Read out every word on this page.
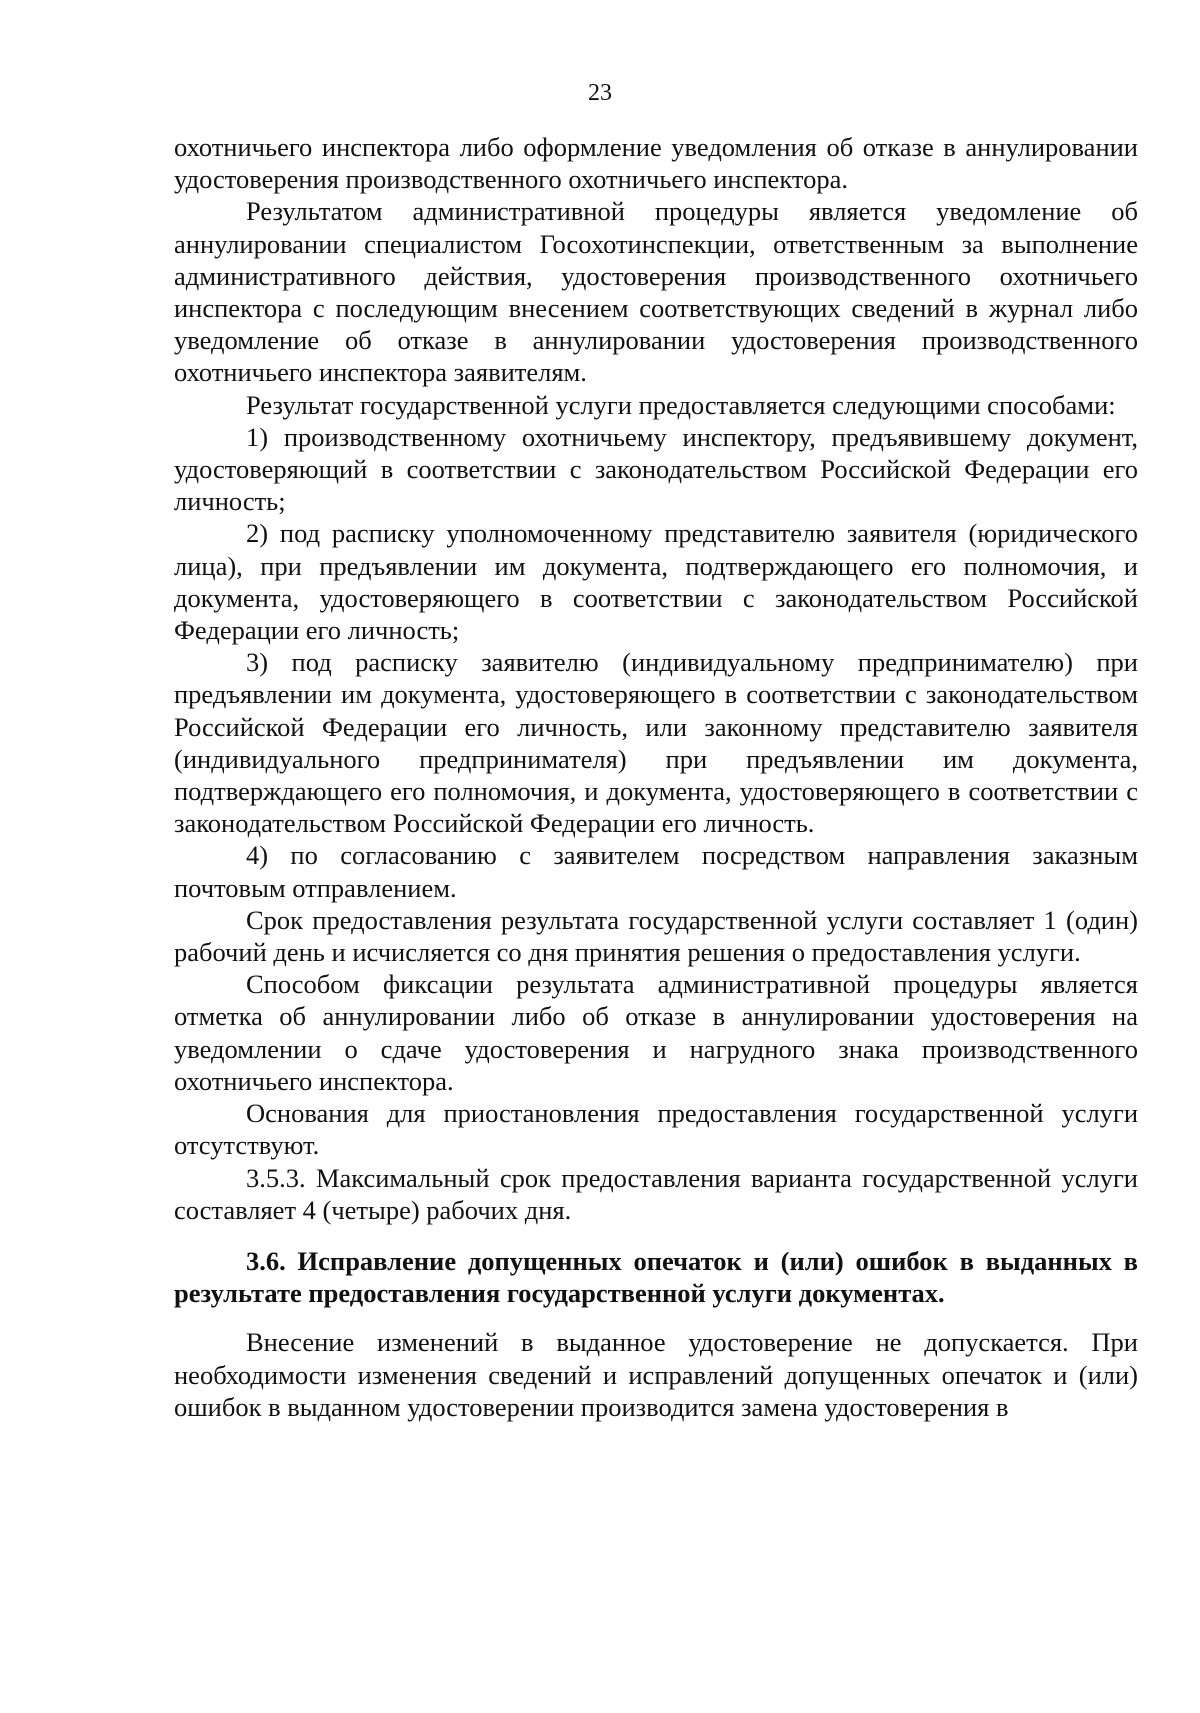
23

охотничьего инспектора либо оформление уведомления об отказе в аннулировании удостоверения производственного охотничьего инспектора.

Результатом административной процедуры является уведомление об аннулировании специалистом Госохотинспекции, ответственным за выполнение административного действия, удостоверения производственного охотничьего инспектора с последующим внесением соответствующих сведений в журнал либо уведомление об отказе в аннулировании удостоверения производственного охотничьего инспектора заявителям.

Результат государственной услуги предоставляется следующими способами:

1) производственному охотничьему инспектору, предъявившему документ, удостоверяющий в соответствии с законодательством Российской Федерации его личность;

2) под расписку уполномоченному представителю заявителя (юридического лица), при предъявлении им документа, подтверждающего его полномочия, и документа, удостоверяющего в соответствии с законодательством Российской Федерации его личность;

3) под расписку заявителю (индивидуальному предпринимателю) при предъявлении им документа, удостоверяющего в соответствии с законодательством Российской Федерации его личность, или законному представителю заявителя (индивидуального предпринимателя) при предъявлении им документа, подтверждающего его полномочия, и документа, удостоверяющего в соответствии с законодательством Российской Федерации его личность.

4) по согласованию с заявителем посредством направления заказным почтовым отправлением.

Срок предоставления результата государственной услуги составляет 1 (один) рабочий день и исчисляется со дня принятия решения о предоставления услуги.

Способом фиксации результата административной процедуры является отметка об аннулировании либо об отказе в аннулировании удостоверения на уведомлении о сдаче удостоверения и нагрудного знака производственного охотничьего инспектора.

Основания для приостановления предоставления государственной услуги отсутствуют.

3.5.3. Максимальный срок предоставления варианта государственной услуги составляет 4 (четыре) рабочих дня.

3.6. Исправление допущенных опечаток и (или) ошибок в выданных в результате предоставления государственной услуги документах.

Внесение изменений в выданное удостоверение не допускается. При необходимости изменения сведений и исправлений допущенных опечаток и (или) ошибок в выданном удостоверении производится замена удостоверения в
